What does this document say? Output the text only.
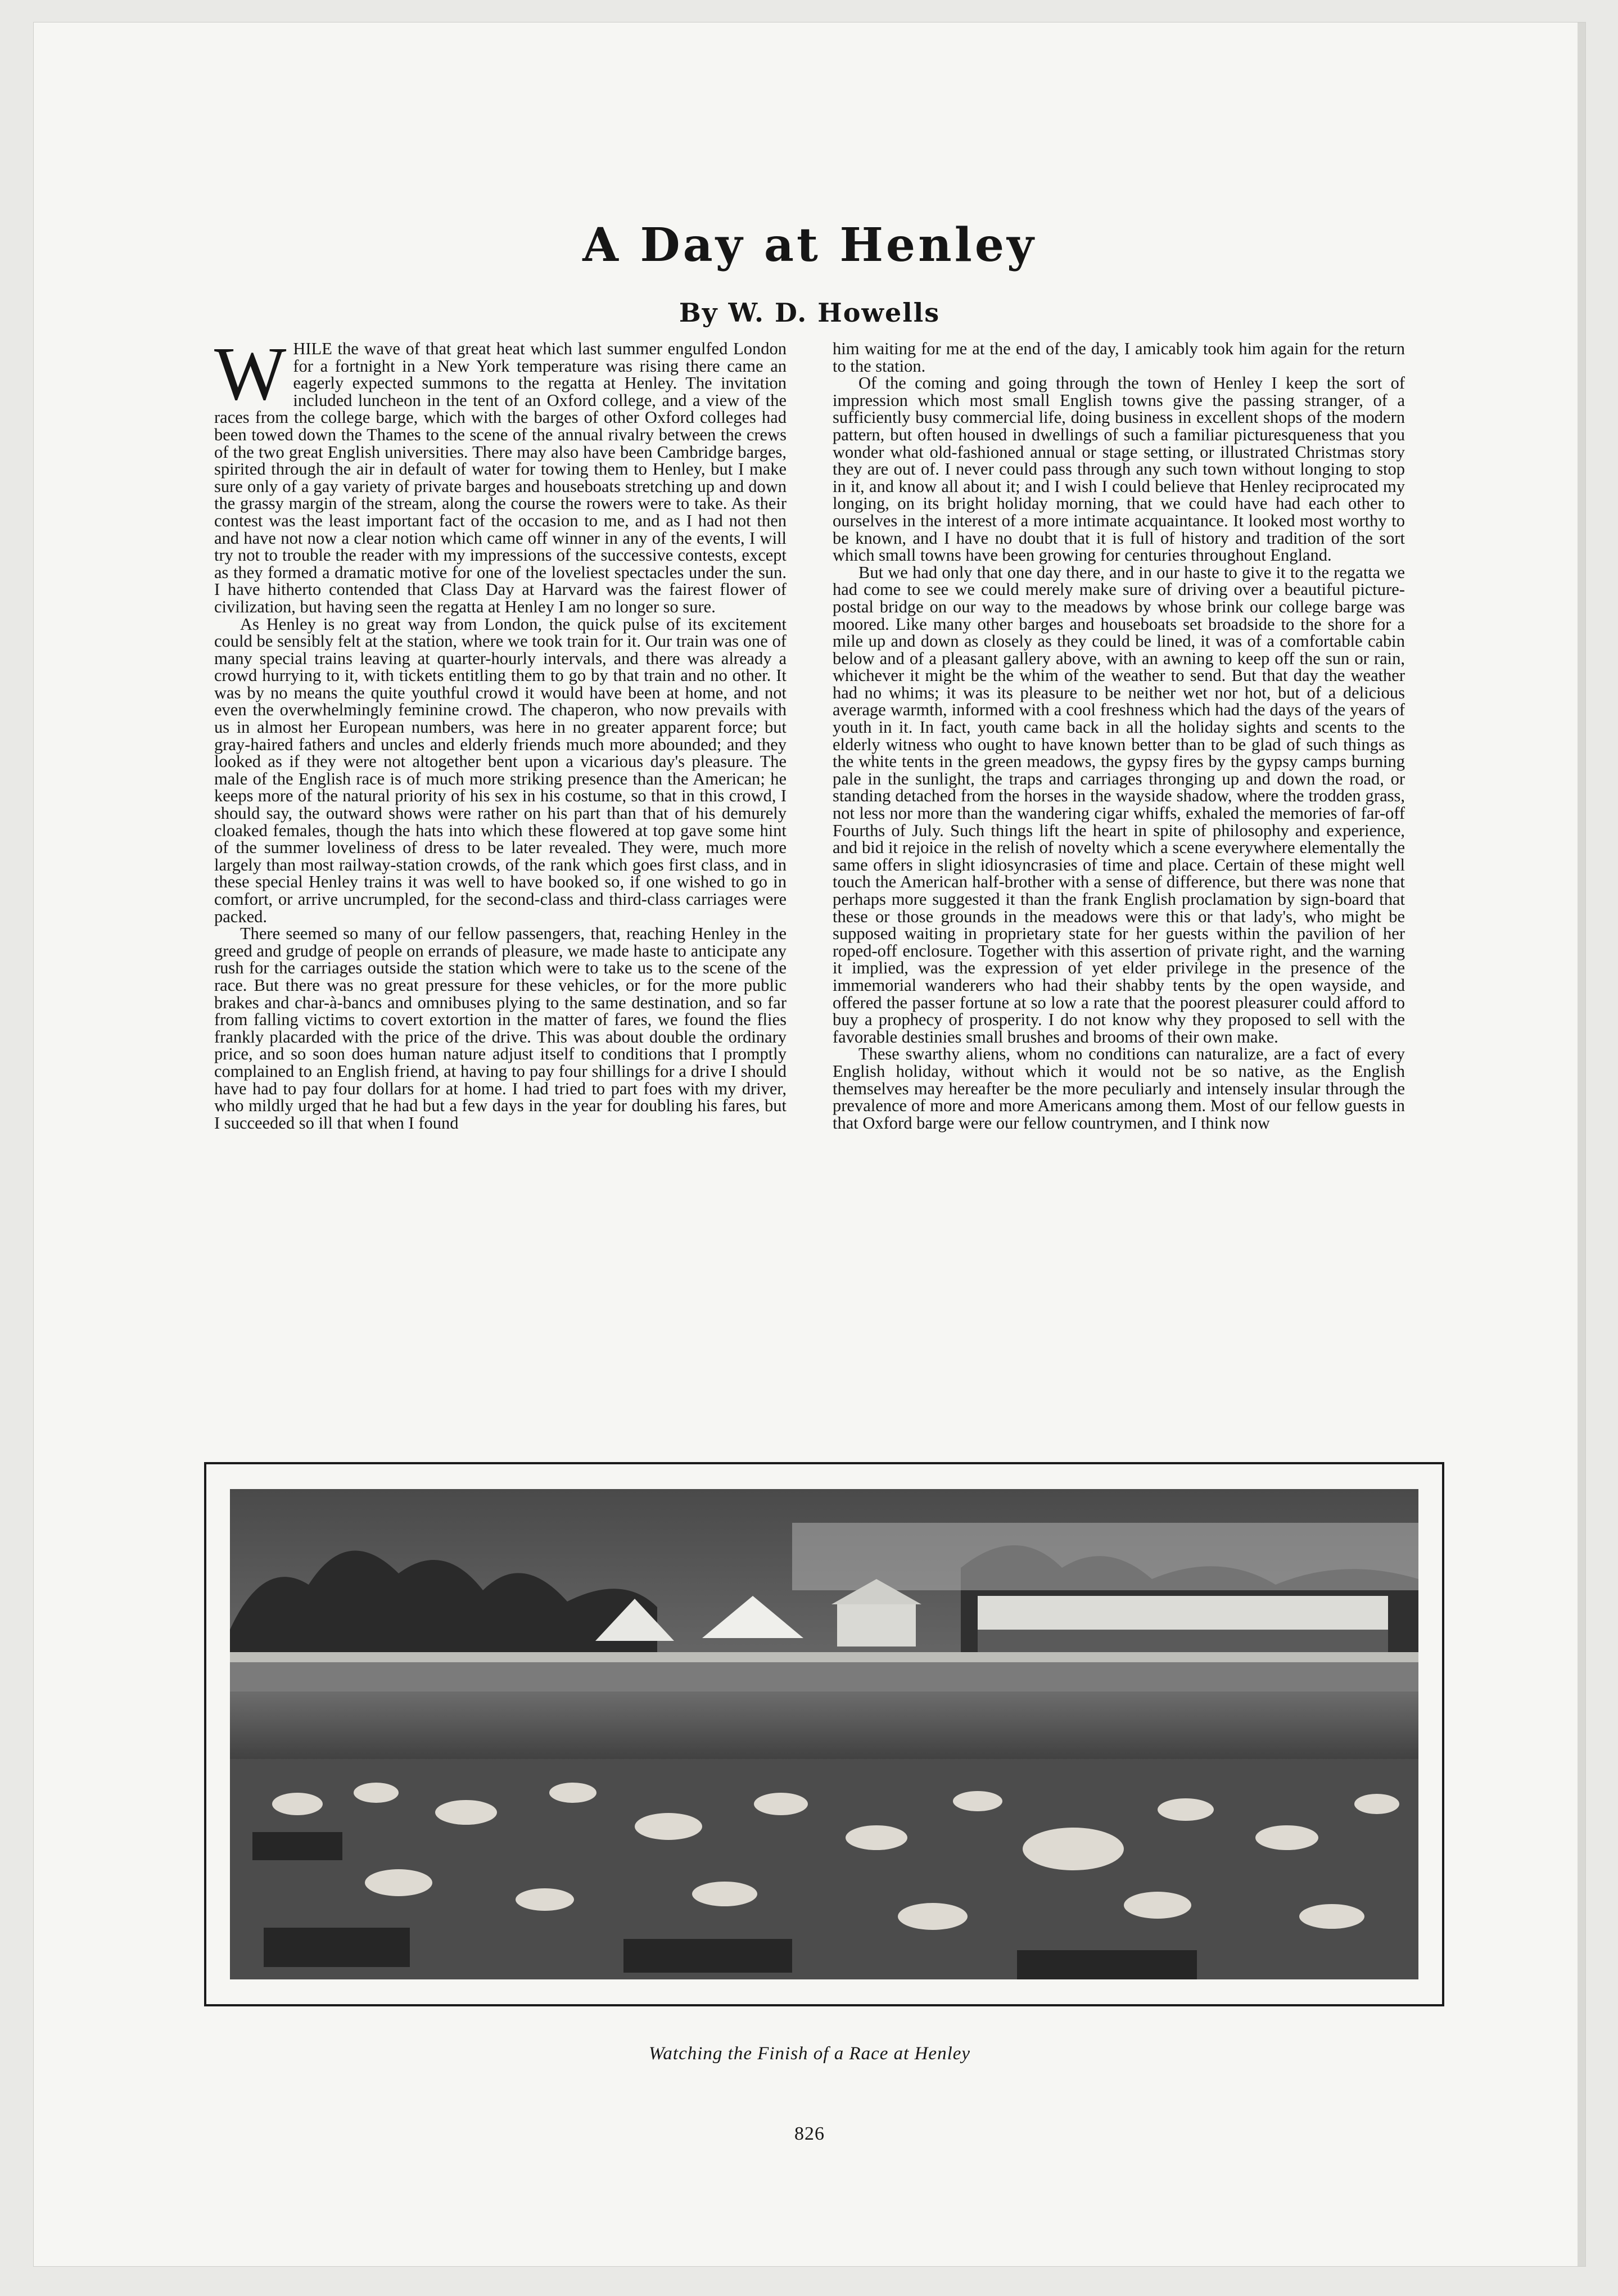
A Day at Henley
By W. D. Howells

WHILE the wave of that great heat which last summer engulfed London for a fortnight in a New York temperature was rising there came an eagerly expected summons to the regatta at Henley. The invitation included luncheon in the tent of an Oxford college, and a view of the races from the college barge, which with the barges of other Oxford colleges had been towed down the Thames to the scene of the annual rivalry between the crews of the two great English universities. There may also have been Cambridge barges, spirited through the air in default of water for towing them to Henley, but I make sure only of a gay variety of private barges and houseboats stretching up and down the grassy margin of the stream, along the course the rowers were to take. As their contest was the least important fact of the occasion to me, and as I had not then and have not now a clear notion which came off winner in any of the events, I will try not to trouble the reader with my impressions of the successive contests, except as they formed a dramatic motive for one of the loveliest spectacles under the sun. I have hitherto contended that Class Day at Harvard was the fairest flower of civilization, but having seen the regatta at Henley I am no longer so sure.

As Henley is no great way from London, the quick pulse of its excitement could be sensibly felt at the station, where we took train for it. Our train was one of many special trains leaving at quarter-hourly intervals, and there was already a crowd hurrying to it, with tickets entitling them to go by that train and no other. It was by no means the quite youthful crowd it would have been at home, and not even the overwhelmingly feminine crowd. The chaperon, who now prevails with us in almost her European numbers, was here in no greater apparent force; but gray-haired fathers and uncles and elderly friends much more abounded; and they looked as if they were not altogether bent upon a vicarious day's pleasure. The male of the English race is of much more striking presence than the American; he keeps more of the natural priority of his sex in his costume, so that in this crowd, I should say, the outward shows were rather on his part than that of his demurely cloaked females, though the hats into which these flowered at top gave some hint of the summer loveliness of dress to be later revealed. They were, much more largely than most railway-station crowds, of the rank which goes first class, and in these special Henley trains it was well to have booked so, if one wished to go in comfort, or arrive uncrumpled, for the second-class and third-class carriages were packed.

There seemed so many of our fellow passengers, that, reaching Henley in the greed and grudge of people on errands of pleasure, we made haste to anticipate any rush for the carriages outside the station which were to take us to the scene of the race. But there was no great pressure for these vehicles, or for the more public brakes and char-à-bancs and omnibuses plying to the same destination, and so far from falling victims to covert extortion in the matter of fares, we found the flies frankly placarded with the price of the drive. This was about double the ordinary price, and so soon does human nature adjust itself to conditions that I promptly complained to an English friend, at having to pay four shillings for a drive I should have had to pay four dollars for at home. I had tried to part foes with my driver, who mildly urged that he had but a few days in the year for doubling his fares, but I succeeded so ill that when I found

him waiting for me at the end of the day, I amicably took him again for the return to the station.

Of the coming and going through the town of Henley I keep the sort of impression which most small English towns give the passing stranger, of a sufficiently busy commercial life, doing business in excellent shops of the modern pattern, but often housed in dwellings of such a familiar picturesqueness that you wonder what old-fashioned annual or stage setting, or illustrated Christmas story they are out of. I never could pass through any such town without longing to stop in it, and know all about it; and I wish I could believe that Henley reciprocated my longing, on its bright holiday morning, that we could have had each other to ourselves in the interest of a more intimate acquaintance. It looked most worthy to be known, and I have no doubt that it is full of history and tradition of the sort which small towns have been growing for centuries throughout England.

But we had only that one day there, and in our haste to give it to the regatta we had come to see we could merely make sure of driving over a beautiful picture-postal bridge on our way to the meadows by whose brink our college barge was moored. Like many other barges and houseboats set broadside to the shore for a mile up and down as closely as they could be lined, it was of a comfortable cabin below and of a pleasant gallery above, with an awning to keep off the sun or rain, whichever it might be the whim of the weather to send. But that day the weather had no whims; it was its pleasure to be neither wet nor hot, but of a delicious average warmth, informed with a cool freshness which had the days of the years of youth in it. In fact, youth came back in all the holiday sights and scents to the elderly witness who ought to have known better than to be glad of such things as the white tents in the green meadows, the gypsy fires by the gypsy camps burning pale in the sunlight, the traps and carriages thronging up and down the road, or standing detached from the horses in the wayside shadow, where the trodden grass, not less nor more than the wandering cigar whiffs, exhaled the memories of far-off Fourths of July. Such things lift the heart in spite of philosophy and experience, and bid it rejoice in the relish of novelty which a scene everywhere elementally the same offers in slight idiosyncrasies of time and place. Certain of these might well touch the American half-brother with a sense of difference, but there was none that perhaps more suggested it than the frank English proclamation by sign-board that these or those grounds in the meadows were this or that lady's, who might be supposed waiting in proprietary state for her guests within the pavilion of her roped-off enclosure. Together with this assertion of private right, and the warning it implied, was the expression of yet elder privilege in the presence of the immemorial wanderers who had their shabby tents by the open wayside, and offered the passer fortune at so low a rate that the poorest pleasurer could afford to buy a prophecy of prosperity. I do not know why they proposed to sell with the favorable destinies small brushes and brooms of their own make.

These swarthy aliens, whom no conditions can naturalize, are a fact of every English holiday, without which it would not be so native, as the English themselves may hereafter be the more peculiarly and intensely insular through the prevalence of more and more Americans among them. Most of our fellow guests in that Oxford barge were our fellow countrymen, and I think now

Watching the Finish of a Race at Henley
826
